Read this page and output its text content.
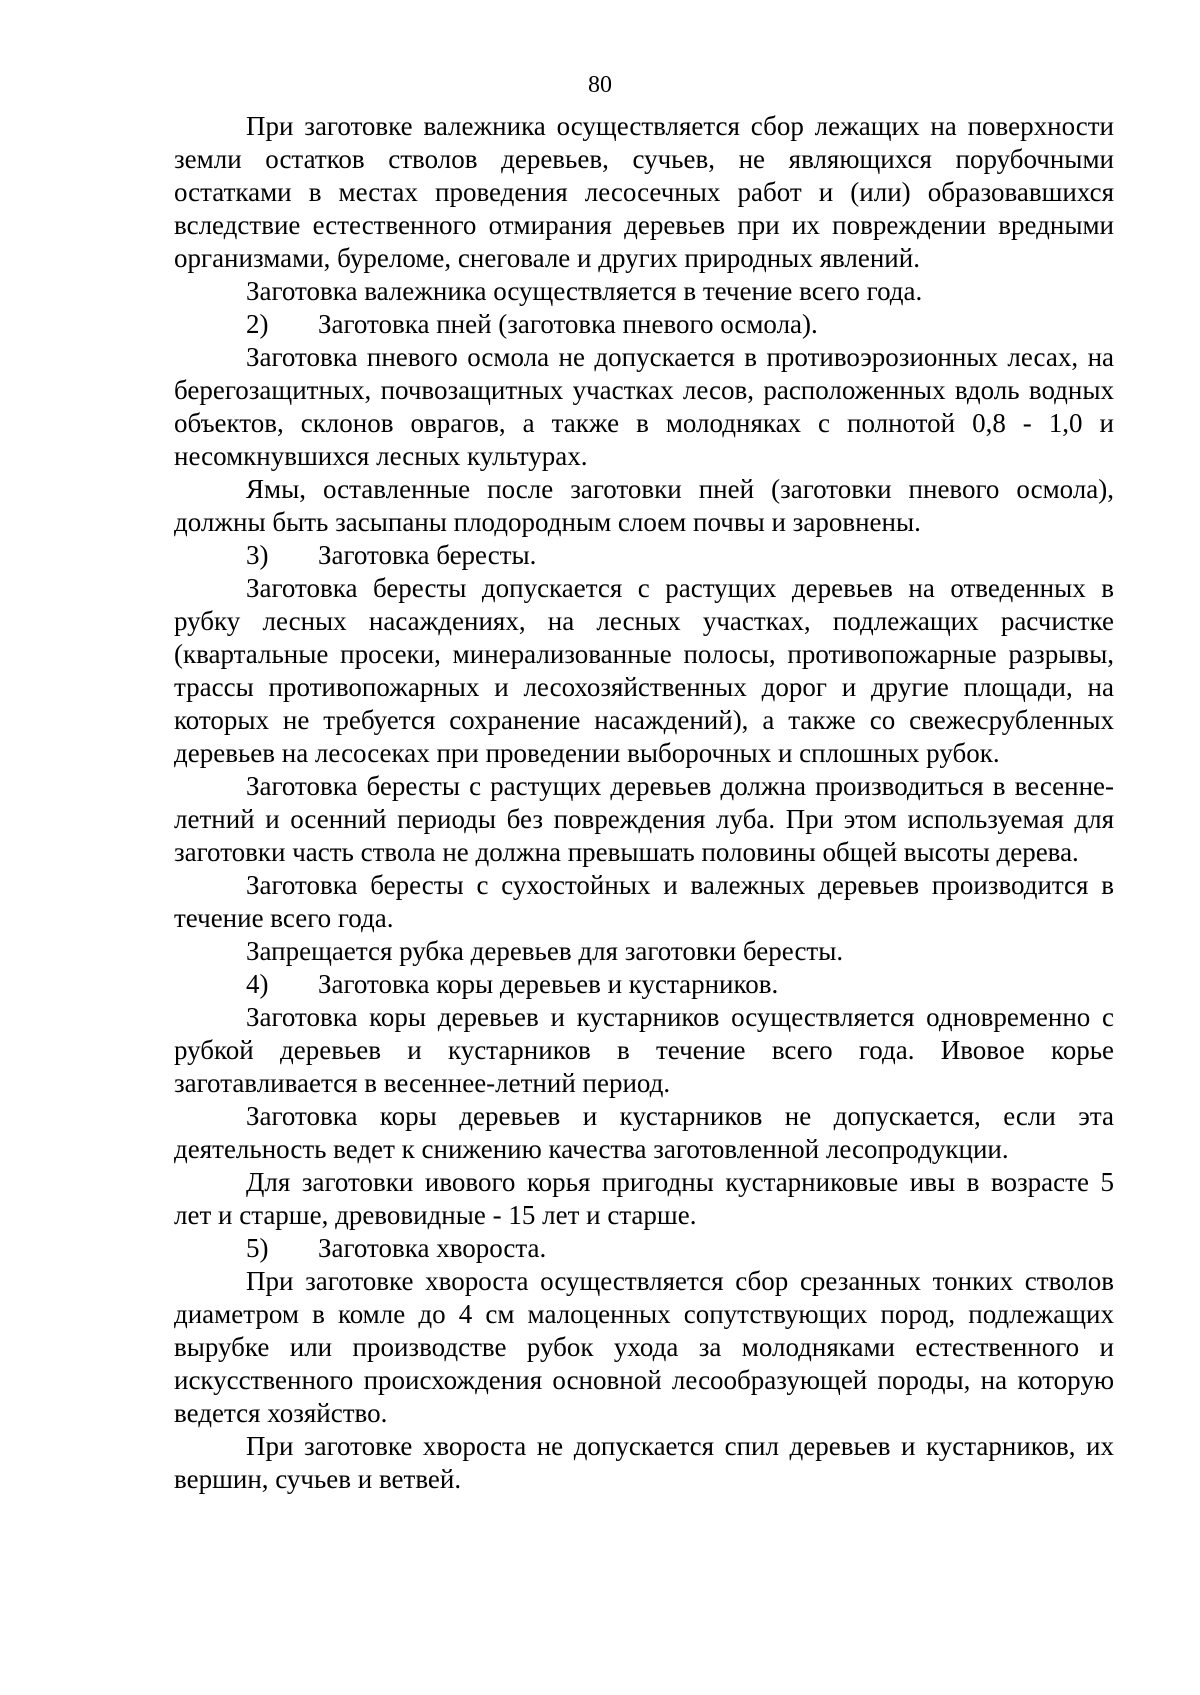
80

При заготовке валежника осуществляется сбор лежащих на поверхности земли остатков стволов деревьев, сучьев, не являющихся порубочными остатками в местах проведения лесосечных работ и (или) образовавшихся вследствие естественного отмирания деревьев при их повреждении вредными организмами, буреломе, снеговале и других природных явлений.

Заготовка валежника осуществляется в течение всего года.

2) Заготовка пней (заготовка пневого осмола).

Заготовка пневого осмола не допускается в противоэрозионных лесах, на берегозащитных, почвозащитных участках лесов, расположенных вдоль водных объектов, склонов оврагов, а также в молодняках с полнотой 0,8 - 1,0 и несомкнувшихся лесных культурах.

Ямы, оставленные после заготовки пней (заготовки пневого осмола), должны быть засыпаны плодородным слоем почвы и заровнены.

3) Заготовка бересты.

Заготовка бересты допускается с растущих деревьев на отведенных в рубку лесных насаждениях, на лесных участках, подлежащих расчистке (квартальные просеки, минерализованные полосы, противопожарные разрывы, трассы противопожарных и лесохозяйственных дорог и другие площади, на которых не требуется сохранение насаждений), а также со свежесрубленных деревьев на лесосеках при проведении выборочных и сплошных рубок.

Заготовка бересты с растущих деревьев должна производиться в весенне-летний и осенний периоды без повреждения луба. При этом используемая для заготовки часть ствола не должна превышать половины общей высоты дерева.

Заготовка бересты с сухостойных и валежных деревьев производится в течение всего года.

Запрещается рубка деревьев для заготовки бересты.

4) Заготовка коры деревьев и кустарников.

Заготовка коры деревьев и кустарников осуществляется одновременно с рубкой деревьев и кустарников в течение всего года. Ивовое корье заготавливается в весеннее-летний период.

Заготовка коры деревьев и кустарников не допускается, если эта деятельность ведет к снижению качества заготовленной лесопродукции.

Для заготовки ивового корья пригодны кустарниковые ивы в возрасте 5 лет и старше, древовидные - 15 лет и старше.

5) Заготовка хвороста.

При заготовке хвороста осуществляется сбор срезанных тонких стволов диаметром в комле до 4 см малоценных сопутствующих пород, подлежащих вырубке или производстве рубок ухода за молодняками естественного и искусственного происхождения основной лесообразующей породы, на которую ведется хозяйство.

При заготовке хвороста не допускается спил деревьев и кустарников, их вершин, сучьев и ветвей.
